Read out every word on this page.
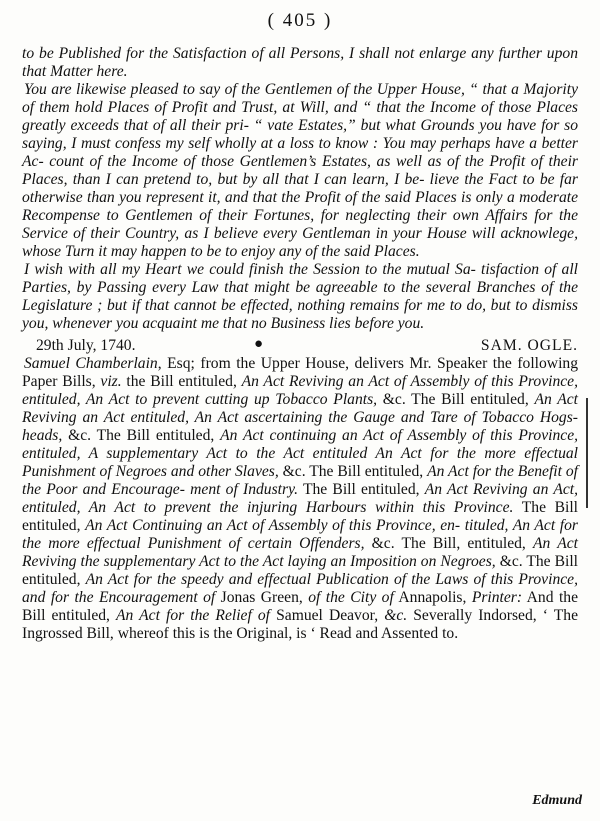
( 405 )

to be Published for the Satisfaction of all Persons, I shall not enlarge any further upon that Matter here.

You are likewise pleased to say of the Gentlemen of the Upper House, “ that a Majority of them hold Places of Profit and Trust, at Will, and “ that the Income of those Places greatly exceeds that of all their pri- “ vate Estates,” but what Grounds you have for so saying, I must confess my self wholly at a loss to know : You may perhaps have a better Ac- count of the Income of those Gentlemen’s Estates, as well as of the Profit of their Places, than I can pretend to, but by all that I can learn, I be- lieve the Fact to be far otherwise than you represent it, and that the Profit of the said Places is only a moderate Recompense to Gentlemen of their Fortunes, for neglecting their own Affairs for the Service of their Country, as I believe every Gentleman in your House will acknowlege, whose Turn it may happen to be to enjoy any of the said Places.

I wish with all my Heart we could finish the Session to the mutual Sa- tisfaction of all Parties, by Passing every Law that might be agreeable to the several Branches of the Legislature ; but if that cannot be effected, nothing remains for me to do, but to dismiss you, whenever you acquaint me that no Business lies before you.

29th July, 1740.	●	SAM. OGLE.

Samuel Chamberlain, Esq; from the Upper House, delivers Mr. Speaker the following Paper Bills, viz. the Bill entituled, An Act Reviving an Act of Assembly of this Province, entituled, An Act to prevent cutting up Tobacco Plants, &c. The Bill entituled, An Act Reviving an Act entituled, An Act ascertaining the Gauge and Tare of Tobacco Hogs- heads, &c. The Bill entituled, An Act continuing an Act of Assembly of this Province, entituled, A supplementary Act to the Act entituled An Act for the more effectual Punishment of Negroes and other Slaves, &c. The Bill entituled, An Act for the Benefit of the Poor and Encourage- ment of Industry. The Bill entituled, An Act Reviving an Act, entituled, An Act to prevent the injuring Harbours within this Province. The Bill entituled, An Act Continuing an Act of Assembly of this Province, en- tituled, An Act for the more effectual Punishment of certain Offenders, &c. The Bill, entituled, An Act Reviving the supplementary Act to the Act laying an Imposition on Negroes, &c. The Bill entituled, An Act for the speedy and effectual Publication of the Laws of this Province, and for the Encouragement of Jonas Green, of the City of Annapolis, Printer: And the Bill entituled, An Act for the Relief of Samuel Deavor, &c. Severally Indorsed, ‘ The Ingrossed Bill, whereof this is the Original, is ‘ Read and Assented to.

Edmund
